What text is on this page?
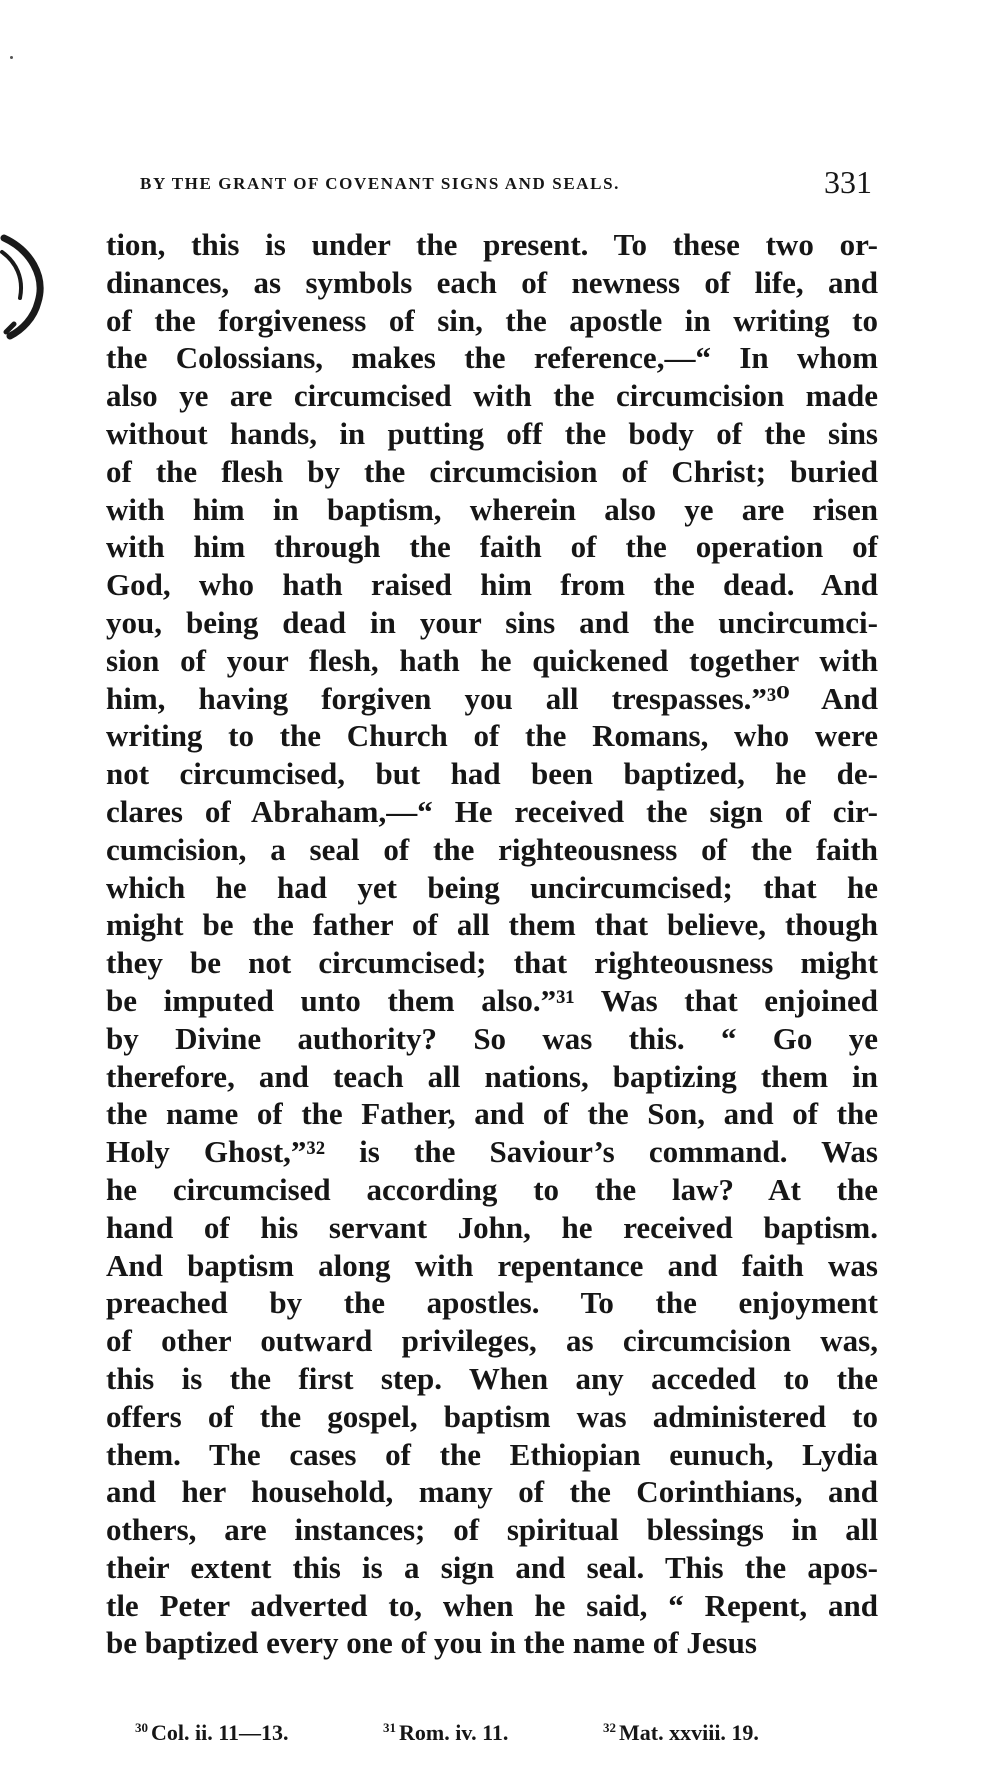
BY THE GRANT OF COVENANT SIGNS AND SEALS.	331
tion, this is under the present. To these two or-
dinances, as symbols each of newness of life, and
of the forgiveness of sin, the apostle in writing to
the Colossians, makes the reference,—“ In whom
also ye are circumcised with the circumcision made
without hands, in putting off the body of the sins
of the flesh by the circumcision of Christ; buried
with him in baptism, wherein also ye are risen
with him through the faith of the operation of
God, who hath raised him from the dead. And
you, being dead in your sins and the uncircumci-
sion of your flesh, hath he quickened together with
him, having forgiven you all trespasses.”³⁰ And
writing to the Church of the Romans, who were
not circumcised, but had been baptized, he de-
clares of Abraham,—“ He received the sign of cir-
cumcision, a seal of the righteousness of the faith
which he had yet being uncircumcised; that he
might be the father of all them that believe, though
they be not circumcised; that righteousness might
be imputed unto them also.”³¹ Was that enjoined
by Divine authority? So was this. “ Go ye
therefore, and teach all nations, baptizing them in
the name of the Father, and of the Son, and of the
Holy Ghost,”³² is the Saviour’s command. Was
he circumcised according to the law? At the
hand of his servant John, he received baptism.
And baptism along with repentance and faith was
preached by the apostles. To the enjoyment
of other outward privileges, as circumcision was,
this is the first step. When any acceded to the
offers of the gospel, baptism was administered to
them. The cases of the Ethiopian eunuch, Lydia
and her household, many of the Corinthians, and
others, are instances; of spiritual blessings in all
their extent this is a sign and seal. This the apos-
tle Peter adverted to, when he said, “ Repent, and
be baptized every one of you in the name of Jesus
$^{30}$ Col. ii. 11—13.	$^{31}$ Rom. iv. 11.	$^{32}$ Mat. xxviii. 19.
